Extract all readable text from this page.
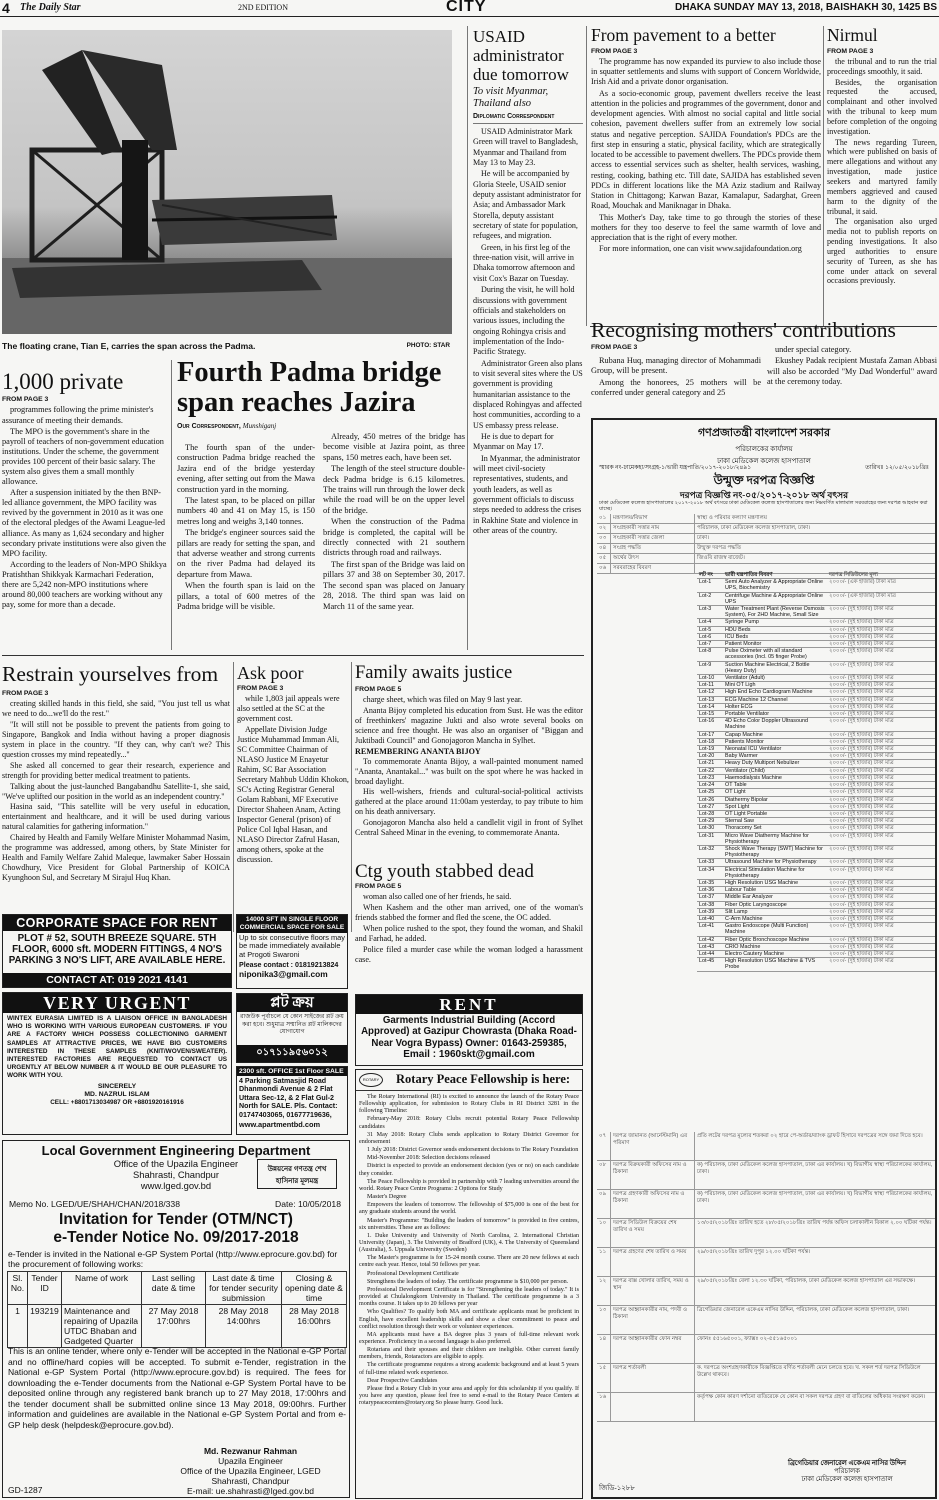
4 The Daily Star	2ND EDITION	CITY	DHAKA SUNDAY MAY 13, 2018, BAISHAKH 30, 1425 BS
The floating crane, Tian E, carries the span across the Padma.	PHOTO: STAR
USAID administrator due tomorrow
To visit Myanmar, Thailand also
Diplomatic Correspondent

USAID Administrator Mark Green will travel to Bangladesh, Myanmar and Thailand from May 13 to May 23.

He will be accompanied by Gloria Steele, USAID senior deputy assistant administrator for Asia; and Ambassador Mark Storella, deputy assistant secretary of state for population, refugees, and migration.

Green, in his first leg of the three-nation visit, will arrive in Dhaka tomorrow afternoon and visit Cox's Bazar on Tuesday.

During the visit, he will hold discussions with government officials and stakeholders on various issues, including the ongoing Rohingya crisis and implementation of the Indo-Pacific Strategy.

Administrator Green also plans to visit several sites where the US government is providing humanitarian assistance to the displaced Rohingyas and affected host communities, according to a US embassy press release.

He is due to depart for Myanmar on May 17.

In Myanmar, the administrator will meet civil-society representatives, students, and youth leaders, as well as government officials to discuss steps needed to address the crises in Rakhine State and violence in other areas of the country.

From pavement to a better
FROM PAGE 3

The programme has now expanded its purview to also include those in squatter settlements and slums with support of Concern Worldwide, Irish Aid and a private donor organisation.

As a socio-economic group, pavement dwellers receive the least attention in the policies and programmes of the government, donor and development agencies. With almost no social capital and little social cohesion, pavement dwellers suffer from an extremely low social status and negative perception. SAJIDA Foundation's PDCs are the first step in ensuring a static, physical facility, which are strategically located to be accessible to pavement dwellers. The PDCs provide them access to essential services such as shelter, health services, washing, resting, cooking, bathing etc. Till date, SAJIDA has established seven PDCs in different locations like the MA Aziz stadium and Railway Station in Chittagong; Karwan Bazar, Kamalapur, Sadarghat, Green Road, Mouchak and Maniknagar in Dhaka.

This Mother's Day, take time to go through the stories of these mothers for they too deserve to feel the same warmth of love and appreciation that is the right of every mother.

For more information, one can visit www.sajidafoundation.org

Nirmul
FROM PAGE 3

the tribunal and to run the trial proceedings smoothly, it said.

Besides, the organisation requested the accused, complainant and other involved with the tribunal to keep mum before completion of the ongoing investigation.

The news regarding Tureen, which were published on basis of mere allegations and without any investigation, made justice seekers and martyred family members aggrieved and caused harm to the dignity of the tribunal, it said.

The organisation also urged media not to publish reports on pending investigations. It also urged authorities to ensure security of Tureen, as she has come under attack on several occasions previously.

Recognising mothers' contributions
FROM PAGE 3

Rubana Huq, managing director of Mohammadi Group, will be present.

Among the honorees, 25 mothers will be conferred under general category and 25

under special category.

Ekushey Padak recipient Mustafa Zaman Abbasi will also be accorded "My Dad Wonderful" award at the ceremony today.

1,000 private
FROM PAGE 3

programmes following the prime minister's assurance of meeting their demands.

The MPO is the government's share in the payroll of teachers of non-government education institutions. Under the scheme, the government provides 100 percent of their basic salary. The system also gives them a small monthly allowance.

After a suspension initiated by the then BNP-led alliance government, the MPO facility was revived by the government in 2010 as it was one of the electoral pledges of the Awami League-led alliance. As many as 1,624 secondary and higher secondary private institutions were also given the MPO facility.

According to the leaders of Non-MPO Shikkya Pratishthan Shikkyak Karmachari Federation, there are 5,242 non-MPO institutions where around 80,000 teachers are working without any pay, some for more than a decade.

Fourth Padma bridge span reaches Jazira
Our Correspondent, Munshiganj

The fourth span of the under-construction Padma bridge reached the Jazira end of the bridge yesterday evening, after setting out from the Mawa construction yard in the morning.

The latest span, to be placed on pillar numbers 40 and 41 on May 15, is 150 metres long and weighs 3,140 tonnes.

The bridge's engineer sources said the pillars are ready for setting the span, and that adverse weather and strong currents on the river Padma had delayed its departure from Mawa.

When the fourth span is laid on the pillars, a total of 600 metres of the Padma bridge will be visible.

Already, 450 metres of the bridge has become visible at Jazira point, as three spans, 150 metres each, have been set.

The length of the steel structure double-deck Padma bridge is 6.15 kilometres. The trains will run through the lower deck while the road will be on the upper level of the bridge.

When the construction of the Padma bridge is completed, the capital will be directly connected with 21 southern districts through road and railways.

The first span of the Bridge was laid on pillars 37 and 38 on September 30, 2017. The second span was placed on January 28, 2018. The third span was laid on March 11 of the same year.

Restrain yourselves from
FROM PAGE 3

creating skilled hands in this field, she said, "You just tell us what we need to do...we'll do the rest."

"It will still not be possible to prevent the patients from going to Singapore, Bangkok and India without having a proper diagnosis system in place in the country. "If they can, why can't we? This question crosses my mind repeatedly..."

She asked all concerned to gear their research, experience and strength for providing better medical treatment to patients.

Talking about the just-launched Bangabandhu Satellite-1, she said, "We've uplifted our position in the world as an independent country."

Hasina said, "This satellite will be very useful in education, entertainment and healthcare, and it will be used during various natural calamities for gathering information."

Chaired by Health and Family Welfare Minister Mohammad Nasim, the programme was addressed, among others, by State Minister for Health and Family Welfare Zahid Maleque, lawmaker Saber Hossain Chowdhury, Vice President for Global Partnership of KOICA Kyunghoon Sul, and Secretary M Sirajul Huq Khan.

Ask poor
FROM PAGE 3

while 1,803 jail appeals were also settled at the SC at the government cost.

Appellate Division Judge Justice Muhammad Imman Ali, SC Committee Chairman of NLASO Justice M Enayetur Rahim, SC Bar Association Secretary Mahbub Uddin Khokon, SC's Acting Registrar General Golam Rabbani, MF Executive Director Shaheen Anam, Acting Inspector General (prison) of Police Col Iqbal Hasan, and NLASO Director Zafrul Hasan, among others, spoke at the discussion.

Family awaits justice
FROM PAGE 5

charge sheet, which was filed on May 9 last year.

Ananta Bijoy completed his education from Sust. He was the editor of freethinkers' magazine Jukti and also wrote several books on science and free thought. He was also an organiser of "Biggan and Juktibadi Council" and Gonojagoron Mancha in Sylhet.

REMEMBERING ANANTA BIJOY

To commemorate Ananta Bijoy, a wall-painted monument named "Ananta, Anantakal..." was built on the spot where he was hacked in broad daylight.

His well-wishers, friends and cultural-social-political activists gathered at the place around 11:00am yesterday, to pay tribute to him on his death anniversary.

Gonojagoron Mancha also held a candlelit vigil in front of Sylhet Central Saheed Minar in the evening, to commemorate Ananta.

Ctg youth stabbed dead
FROM PAGE 5

woman also called one of her friends, he said.

When Kashem and the other man arrived, one of the woman's friends stabbed the former and fled the scene, the OC added.

When police rushed to the spot, they found the woman, and Shakil and Farhad, he added.

Police filed a murder case while the woman lodged a harassment case.

CORPORATE SPACE FOR RENT
PLOT # 52, SOUTH BREEZE SQUARE. 5TH FLOOR, 6000 sft. MODERN FITTINGS, 4 NO'S PARKING 3 NO'S LIFT, ARE AVAILABLE HERE.
CONTACT AT: 019 2021 4141
VERY URGENT
WINTEX EURASIA LIMITED IS A LIAISON OFFICE IN BANGLADESH WHO IS WORKING WITH VARIOUS EUROPEAN CUSTOMERS. IF YOU ARE A FACTORY WHICH POSSESS COLLECTIONING GARMENT SAMPLES AT ATTRACTIVE PRICES, WE HAVE BIG CUSTOMERS INTERESTED IN THESE SAMPLES (KNIT/WOVEN/SWEATER). INTERESTED FACTORIES ARE REQUESTED TO CONTACT US URGENTLY AT BELOW NUMBER & IT WOULD BE OUR PLEASURE TO WORK WITH YOU.
SINCERELY
MD. NAZRUL ISLAM
CELL: +8801713034987 OR +8801920161916
14000 SFT IN SINGLE FLOOR COMMERCIAL SPACE FOR SALE
Up to six consecutive floors may be made immediately available at Progoti Swaroni
Please contact : 01819213824
niponika3@gmail.com
প্লট ক্রয়
রাজউক পূর্বাচলে যে কোন সাইজের প্লট ক্রয় করা হবে। শুধুমাত্র সম্মানিত প্লট মালিকদের যোগাযোগ
০১৭১১৯৫৬০১২
2300 sft. OFFICE 1st Floor SALE
4 Parking Satmasjid Road Dhanmondi Avenue & 2 Flat Uttara Sec-12, & 2 Flat Gul-2 North for SALE. Pls. Contact: 01747403065, 01677719636,
www.apartmentbd.com
RENT
Garments Industrial Building (Accord Approved) at Gazipur Chowrasta (Dhaka Road-Near Vogra Bypass) Owner: 01643-259385,
Email : 1960skt@gmail.com
ROTARY	Rotary Peace Fellowship is here:

The Rotary International (RI) is excited to announce the launch of the Rotary Peace Fellowship application, for submission to Rotary Clubs in RI District 3281 in the following Timeline:

February-May 2018: Rotary Clubs recruit potential Rotary Peace Fellowship candidates

31 May 2018: Rotary Clubs sends application to Rotary District Governor for endorsement

1 July 2018: District Governor sends endorsement decisions to The Rotary Foundation

Mid-November 2018: Selection decisions released

District is expected to provide an endorsement decision (yes or no) on each candidate they consider.

The Peace Fellowship is provided in partnership with 7 leading universities around the world. Rotary Peace Centre Programs: 2 Options for Study

Master's Degree

Empowers the leaders of tomorrow. The fellowship of $75,000 is one of the best for any graduate students around the world.

Master's Programme: "Building the leaders of tomorrow" is provided in five centres, six universities. These are as follows:

1. Duke University and University of North Carolina, 2. International Christian University (Japan), 3. The University of Bradford (UK), 4. The University of Queensland (Australia), 5. Uppsala University (Sweden)

The Master's programme is for 15-24 month course. There are 20 new fellows at each centre each year. Hence, total 50 fellows per year.

Professional Development Certificate

Strengthens the leaders of today. The certificate programme is $10,000 per person.

Professional Development Certificate is for "Strengthening the leaders of today." It is provided at Chulalongkorn University in Thailand. The certificate programme is a 3 months course. It takes up to 20 fellows per year

Who Qualifies? To qualify both MA and certificate applicants must be proficient in English, have excellent leadership skills and show a clear commitment to peace and conflict resolution through their work or volunteer experiences.

MA applicants must have a BA degree plus 3 years of full-time relevant work experience. Proficiency in a second language is also preferred.

Rotarians and their spouses and their children are ineligible. Other current family members, friends, Rotaractors are eligible to apply.

The certificate programme requires a strong academic background and at least 5 years of full-time related work experience.

Dear Prospective Candidates

Please find a Rotary Club in your area and apply for this scholarship if you qualify. If you have any question, please feel free to send e-mail to the Rotary Peace Centers at rotarypeacecenters@rotary.org So please hurry. Good luck.

Local Government Engineering Department
Office of the Upazila Engineer
Shahrasti, Chandpur
www.lged.gov.bd
উন্নয়নের গণতন্ত্র শেখ হাসিনার মূলমন্ত্র
Memo No. LGED/UE/SHAH/CHAN/2018/338	Date: 10/05/2018
Invitation for Tender (OTM/NCT)
e-Tender Notice No. 09/2017-2018
e-Tender is invited in the National e-GP System Portal (http://www.eprocure.gov.bd) for the procurement of following works:
Sl. No.	Tender ID	Name of work	Last selling date & time	Last date & time for tender security submission	Closing & opening date & time
1	193219	Maintenance and repairing of Upazila UTDC Bhaban and Gadgeted Quarter	27 May 2018 17:00hrs	28 May 2018 14:00hrs	28 May 2018 16:00hrs
This is an online tender, where only e-Tender will be accepted in the National e-GP Portal and no offline/hard copies will be accepted. To submit e-Tender, registration in the National e-GP System Portal (http://www.eprocure.gov.bd) is required. The fees for downloading the e-Tender documents from the National e-GP System Portal have to be deposited online through any registered bank branch up to 27 May 2018, 17:00hrs and the tender document shall be submitted online since 13 May 2018, 09:00hrs. Further information and guidelines are available in the National e-GP System Portal and from e-GP help desk (helpdesk@eprocure.gov.bd).
Md. Rezwanur Rahman
Upazila Engineer
Office of the Upazila Engineer, LGED
Shahrasti, Chandpur
E-mail: ue.shahrasti@lged.gov.bd
GD-1287
গণপ্রজাতন্ত্রী বাংলাদেশ সরকার
পরিচালকের কার্যালয়
ঢাকা মেডিকেল কলেজ হাসপাতাল
স্মারক নং-ঢামেকহা/সংগ্রহ-১/ভারী যন্ত্রপাতি/২০১৭-২০১৮/২৪৯১	তারিখঃ ১২/০৫/২০১৮খ্রিঃ
উন্মুক্ত দরপত্র বিজ্ঞপ্তি
দরপত্র বিজ্ঞপ্তি নং-০৫/২০১৭-২০১৮ অর্থ বৎসর
ঢাকা মেডিকেল কলেজ হাসপাতালের ২০১৭-২০১৮ অর্থ বৎসরে ঢাকা মেডিকেল কলেজ হাসপাতালের জন্য নিম্নবর্ণিত মালামাল সরবরাহের জন্য দরপত্র আহবান করা যাচ্ছে।
০১	মন্ত্রণালয়/বিভাগ	স্বাস্থ্য ও পরিবার কল্যাণ মন্ত্রণালয়
০২	সংগ্রহকারী সত্তার নাম	পরিচালক, ঢাকা মেডিকেল কলেজ হাসপাতাল, ঢাকা।
০৩	সংগ্রহকারী সত্তার জেলা	ঢাকা।
০৪	সংগ্রহ পদ্ধতি	উন্মুক্ত দরপত্র পদ্ধতি
০৫	অর্থের উৎস	জিওবি রাজস্ব বাজেট।
০৬	সরবরাহের বিবরণ
লট নং	ভারী যন্ত্রপাতির বিবরণ	দরপত্র সিডিউলের মূল্য
Lot-1	Semi Auto Analyzer & Appropriate Online UPS, Biochemistry	২০০০/- (এক হাজার) টাকা মাত্র
Lot-2	Centrifuge Machine & Appropriate Online UPS	২০০০/- (এক হাজার) টাকা মাত্র
Lot-3	Water Treatment Plant (Reverse Osmosis System), For 2HD Machine, Small Size	২০০০/- (দুই হাজার) টাকা মাত্র
Lot-4	Syringe Pump	২০০০/- (দুই হাজার) টাকা মাত্র
Lot-5	HDU Beds	২০০০/- (দুই হাজার) টাকা মাত্র
Lot-6	ICU Beds	২০০০/- (দুই হাজার) টাকা মাত্র
Lot-7	Patient Monitor	২০০০/- (দুই হাজার) টাকা মাত্র
Lot-8	Pulse Oximeter with all standard accessories (Incl. 05 finger Probe)	২০০০/- (দুই হাজার) টাকা মাত্র
Lot-9	Suction Machine Electrical, 2 Bottle (Heavy Duty)	২০০০/- (দুই হাজার) টাকা মাত্র
Lot-10	Ventilator (Adult)	২০০০/- (দুই হাজার) টাকা মাত্র
Lot-11	Mini OT Ligh	২০০০/- (দুই হাজার) টাকা মাত্র
Lot-12	High End Echo Cardiogram Machine	২০০০/- (দুই হাজার) টাকা মাত্র
Lot-13	ECG Machine 12 Channel	২০০০/- (দুই হাজার) টাকা মাত্র
Lot-14	Holter ECG	২০০০/- (দুই হাজার) টাকা মাত্র
Lot-15	Portable Ventilator	২০০০/- (দুই হাজার) টাকা মাত্র
Lot-16	4D Echo Color Doppler Ultrasound Machine	২০০০/- (দুই হাজার) টাকা মাত্র
Lot-17	Capap Machine	২০০০/- (দুই হাজার) টাকা মাত্র
Lot-18	Patients Monitor	২০০০/- (দুই হাজার) টাকা মাত্র
Lot-19	Neonatal ICU Ventilator	২০০০/- (দুই হাজার) টাকা মাত্র
Lot-20	Baby Warmer	২০০০/- (দুই হাজার) টাকা মাত্র
Lot-21	Heavy Duty Multiport Nebulizer	২০০০/- (দুই হাজার) টাকা মাত্র
Lot-22	Ventilator (Child)	২০০০/- (দুই হাজার) টাকা মাত্র
Lot-23	Haemodialysis Machine	২০০০/- (দুই হাজার) টাকা মাত্র
Lot-24	OT Table	২০০০/- (দুই হাজার) টাকা মাত্র
Lot-25	OT Light	২০০০/- (দুই হাজার) টাকা মাত্র
Lot-26	Diathermy Bipolar	২০০০/- (দুই হাজার) টাকা মাত্র
Lot-27	Spot Light	২০০০/- (দুই হাজার) টাকা মাত্র
Lot-28	OT Light Portable	২০০০/- (দুই হাজার) টাকা মাত্র
Lot-29	Sternal Saw	২০০০/- (দুই হাজার) টাকা মাত্র
Lot-30	Thoracomy Set	২০০০/- (দুই হাজার) টাকা মাত্র
Lot-31	Micro Wave Diathermy Machine for Physiotherapy	২০০০/- (দুই হাজার) টাকা মাত্র
Lot-32	Shock Wave Therapy (SWT) Machine for Physiotherapy	২০০০/- (দুই হাজার) টাকা মাত্র
Lot-33	Ultrasound Machine for Physiotherapy	২০০০/- (দুই হাজার) টাকা মাত্র
Lot-34	Electrical Stimulation Machine for Physiotherapy	২০০০/- (দুই হাজার) টাকা মাত্র
Lot-35	High Resolution USG Machine	২০০০/- (দুই হাজার) টাকা মাত্র
Lot-36	Labour Table	২০০০/- (দুই হাজার) টাকা মাত্র
Lot-37	Middle Ear Analyzer	২০০০/- (দুই হাজার) টাকা মাত্র
Lot-38	Fiber Optic Laryngoscope	২০০০/- (দুই হাজার) টাকা মাত্র
Lot-39	Slit Lamp	২০০০/- (দুই হাজার) টাকা মাত্র
Lot-40	C-Arm Machine	২০০০/- (দুই হাজার) টাকা মাত্র
Lot-41	Gastro Endoscope (Multi Function) Machine	২০০০/- (দুই হাজার) টাকা মাত্র
Lot-42	Fiber Optic Bronchoscope Machine	২০০০/- (দুই হাজার) টাকা মাত্র
Lot-43	CRIO Machine	২০০০/- (দুই হাজার) টাকা মাত্র
Lot-44	Electro Cautery Machine	২০০০/- (দুই হাজার) টাকা মাত্র
Lot-45	High Resolution USG Machine & TVS Probe	২০০০/- (দুই হাজার) টাকা মাত্র
০৭	দরপত্র জামানত (আর্নেস্টমানি) এর পরিমাণ
প্রতি লটের দরপত্র মূল্যের শতকরা ০২ হারে পে-অর্ডার/ব্যাংক ড্রাফট হিসাবে দরপত্রের সঙ্গে জমা দিতে হবে।
০৮	দরপত্র বিক্রয়কারী অফিসের নাম ও ঠিকানা
ক) পরিচালক, ঢাকা মেডিকেল কলেজ হাসপাতাল, ঢাকা এর কার্যালয়। খ) বিভাগীয় স্বাস্থ্য পরিচালকের কার্যালয়, ঢাকা।
০৯	দরপত্র গ্রহণকারী অফিসের নাম ও ঠিকানা
ক) পরিচালক, ঢাকা মেডিকেল কলেজ হাসপাতাল, ঢাকা এর কার্যালয়। খ) বিভাগীয় স্বাস্থ্য পরিচালকের কার্যালয়, ঢাকা।
১০	দরপত্র সিডিউল বিক্রয়ের শেষ তারিখ ও সময়
১৩/০৫/২০১৮খ্রিঃ তারিখ হতে ২৮/০৫/২০১৮খ্রিঃ তারিখ পর্যন্ত অফিস চলাকালীন বিকাল ২.০০ ঘটিকা পর্যন্ত।
১১	দরপত্র গ্রহণের শেষ তারিখ ও সময়	২৯/০৫/২০১৮খ্রিঃ তারিখ দুপুর ১২.০০ ঘটিকা পর্যন্ত।
১২	দরপত্র বাক্স খোলার তারিখ, সময় ও স্থান
২৯/০৫/২০১৮খ্রিঃ বেলা ১২.৩০ ঘটিকা, পরিচালক, ঢাকা মেডিকেল কলেজ হাসপাতাল এর সভাকক্ষে।
১৩	দরপত্র আহ্বানকারীর নাম, পদবী ও ঠিকানা
ব্রিগেডিয়ার জেনারেল একেএম নাসির উদ্দিন, পরিচালক, ঢাকা মেডিকেল কলেজ হাসপাতাল, ঢাকা।
১৪	দরপত্র আহ্বানকারীর ফোন নম্বর	ফোনঃ ৫৫১৬৫০০১, ফ্যাক্সঃ ০২-৫৫১৬৫০০১
১৫	দরপত্র শর্তাবলী	ক. দরপত্রে অংশগ্রহণকারীকে বিজ্ঞপ্তিতে বর্ণিত শর্তাবলী মেনে চলতে হবে। খ. সকল শর্ত দরপত্র সিডিউলে উল্লেখ থাকবে।
১৬	কর্তৃপক্ষ কোন কারণ দর্শানো ব্যতিরেকে যে কোন বা সকল দরপত্র গ্রহণ বা বাতিলের অধিকার সংরক্ষণ করেন।
ব্রিগেডিয়ার জেনারেল একেএম নাসির উদ্দিন
পরিচালক
ঢাকা মেডিকেল কলেজ হাসপাতাল
জিডি-১২৮৮
